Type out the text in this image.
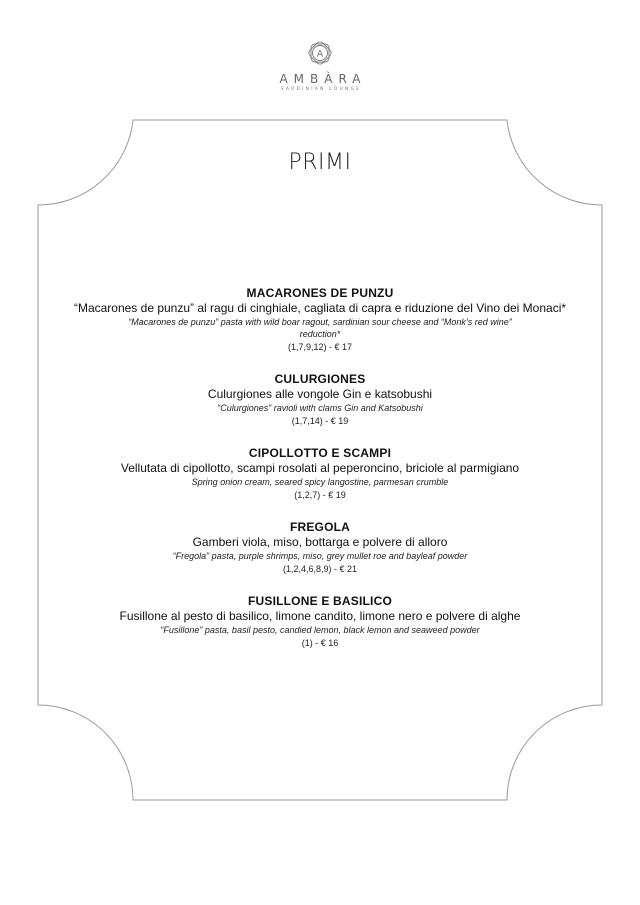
A
AMBÀRA
SARDINIAN LOUNGE
PRIMI
MACARONES DE PUNZU
“Macarones de punzu” al ragu di cinghiale, cagliata di capra e riduzione del Vino dei Monaci*
“Macarones de punzu” pasta with wild boar ragout, sardinian sour cheese and “Monk’s red wine” reduction*
(1,7,9,12) - € 17
CULURGIONES
Culurgiones alle vongole Gin e katsobushi
“Culurgiones” ravioli with clams Gin and Katsobushi
(1,7,14) - € 19
CIPOLLOTTO E SCAMPI
Vellutata di cipollotto, scampi rosolati al peperoncino, briciole al parmigiano
Spring onion cream, seared spicy langostine, parmesan crumble
(1,2,7) - € 19
FREGOLA
Gamberi viola, miso, bottarga e polvere di alloro
“Fregola” pasta, purple shrimps, miso, grey mullet roe and bayleaf powder
(1,2,4,6,8,9) - € 21
FUSILLONE E BASILICO
Fusillone al pesto di basilico, limone candito, limone nero e polvere di alghe
“Fusillone” pasta, basil pesto, candied lemon, black lemon and seaweed powder
(1) - € 16
